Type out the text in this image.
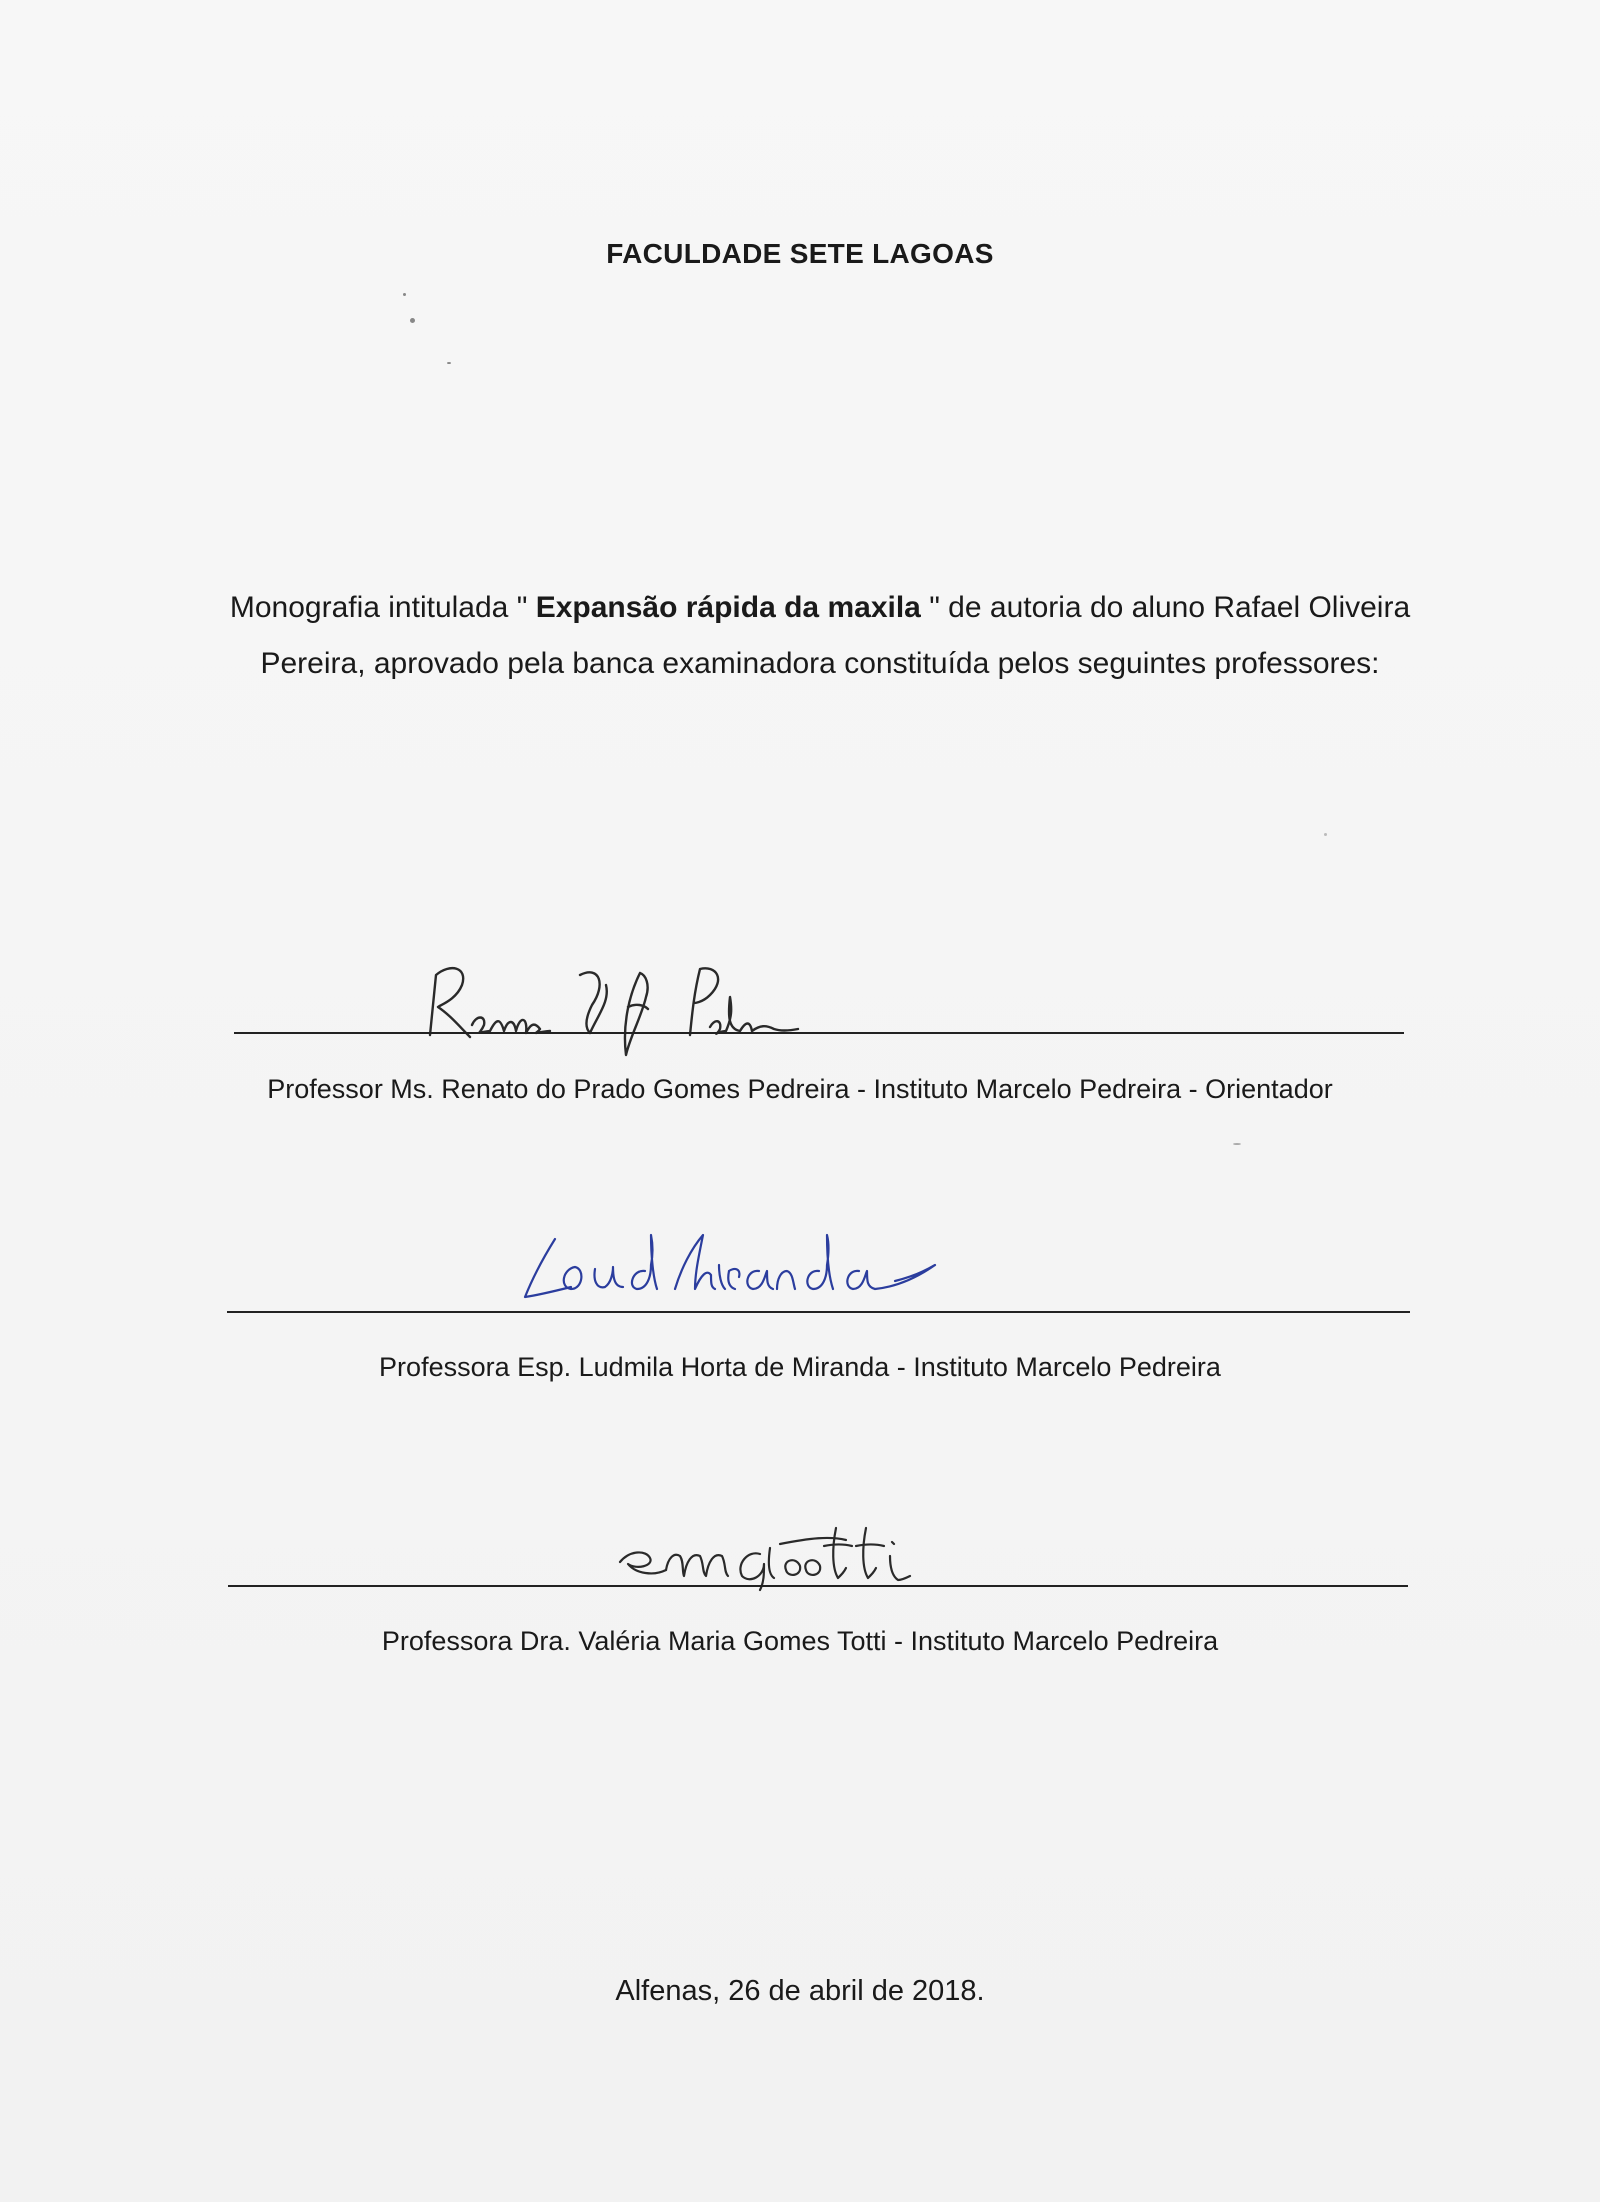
FACULDADE SETE LAGOAS
Monografia intitulada " Expansão rápida da maxila " de autoria do aluno Rafael Oliveira Pereira, aprovado pela banca examinadora constituída pelos seguintes professores:
Professor Ms. Renato do Prado Gomes Pedreira - Instituto Marcelo Pedreira - Orientador
Professora Esp. Ludmila Horta de Miranda - Instituto Marcelo Pedreira
Professora Dra. Valéria Maria Gomes Totti - Instituto Marcelo Pedreira
Alfenas, 26 de abril de 2018.
